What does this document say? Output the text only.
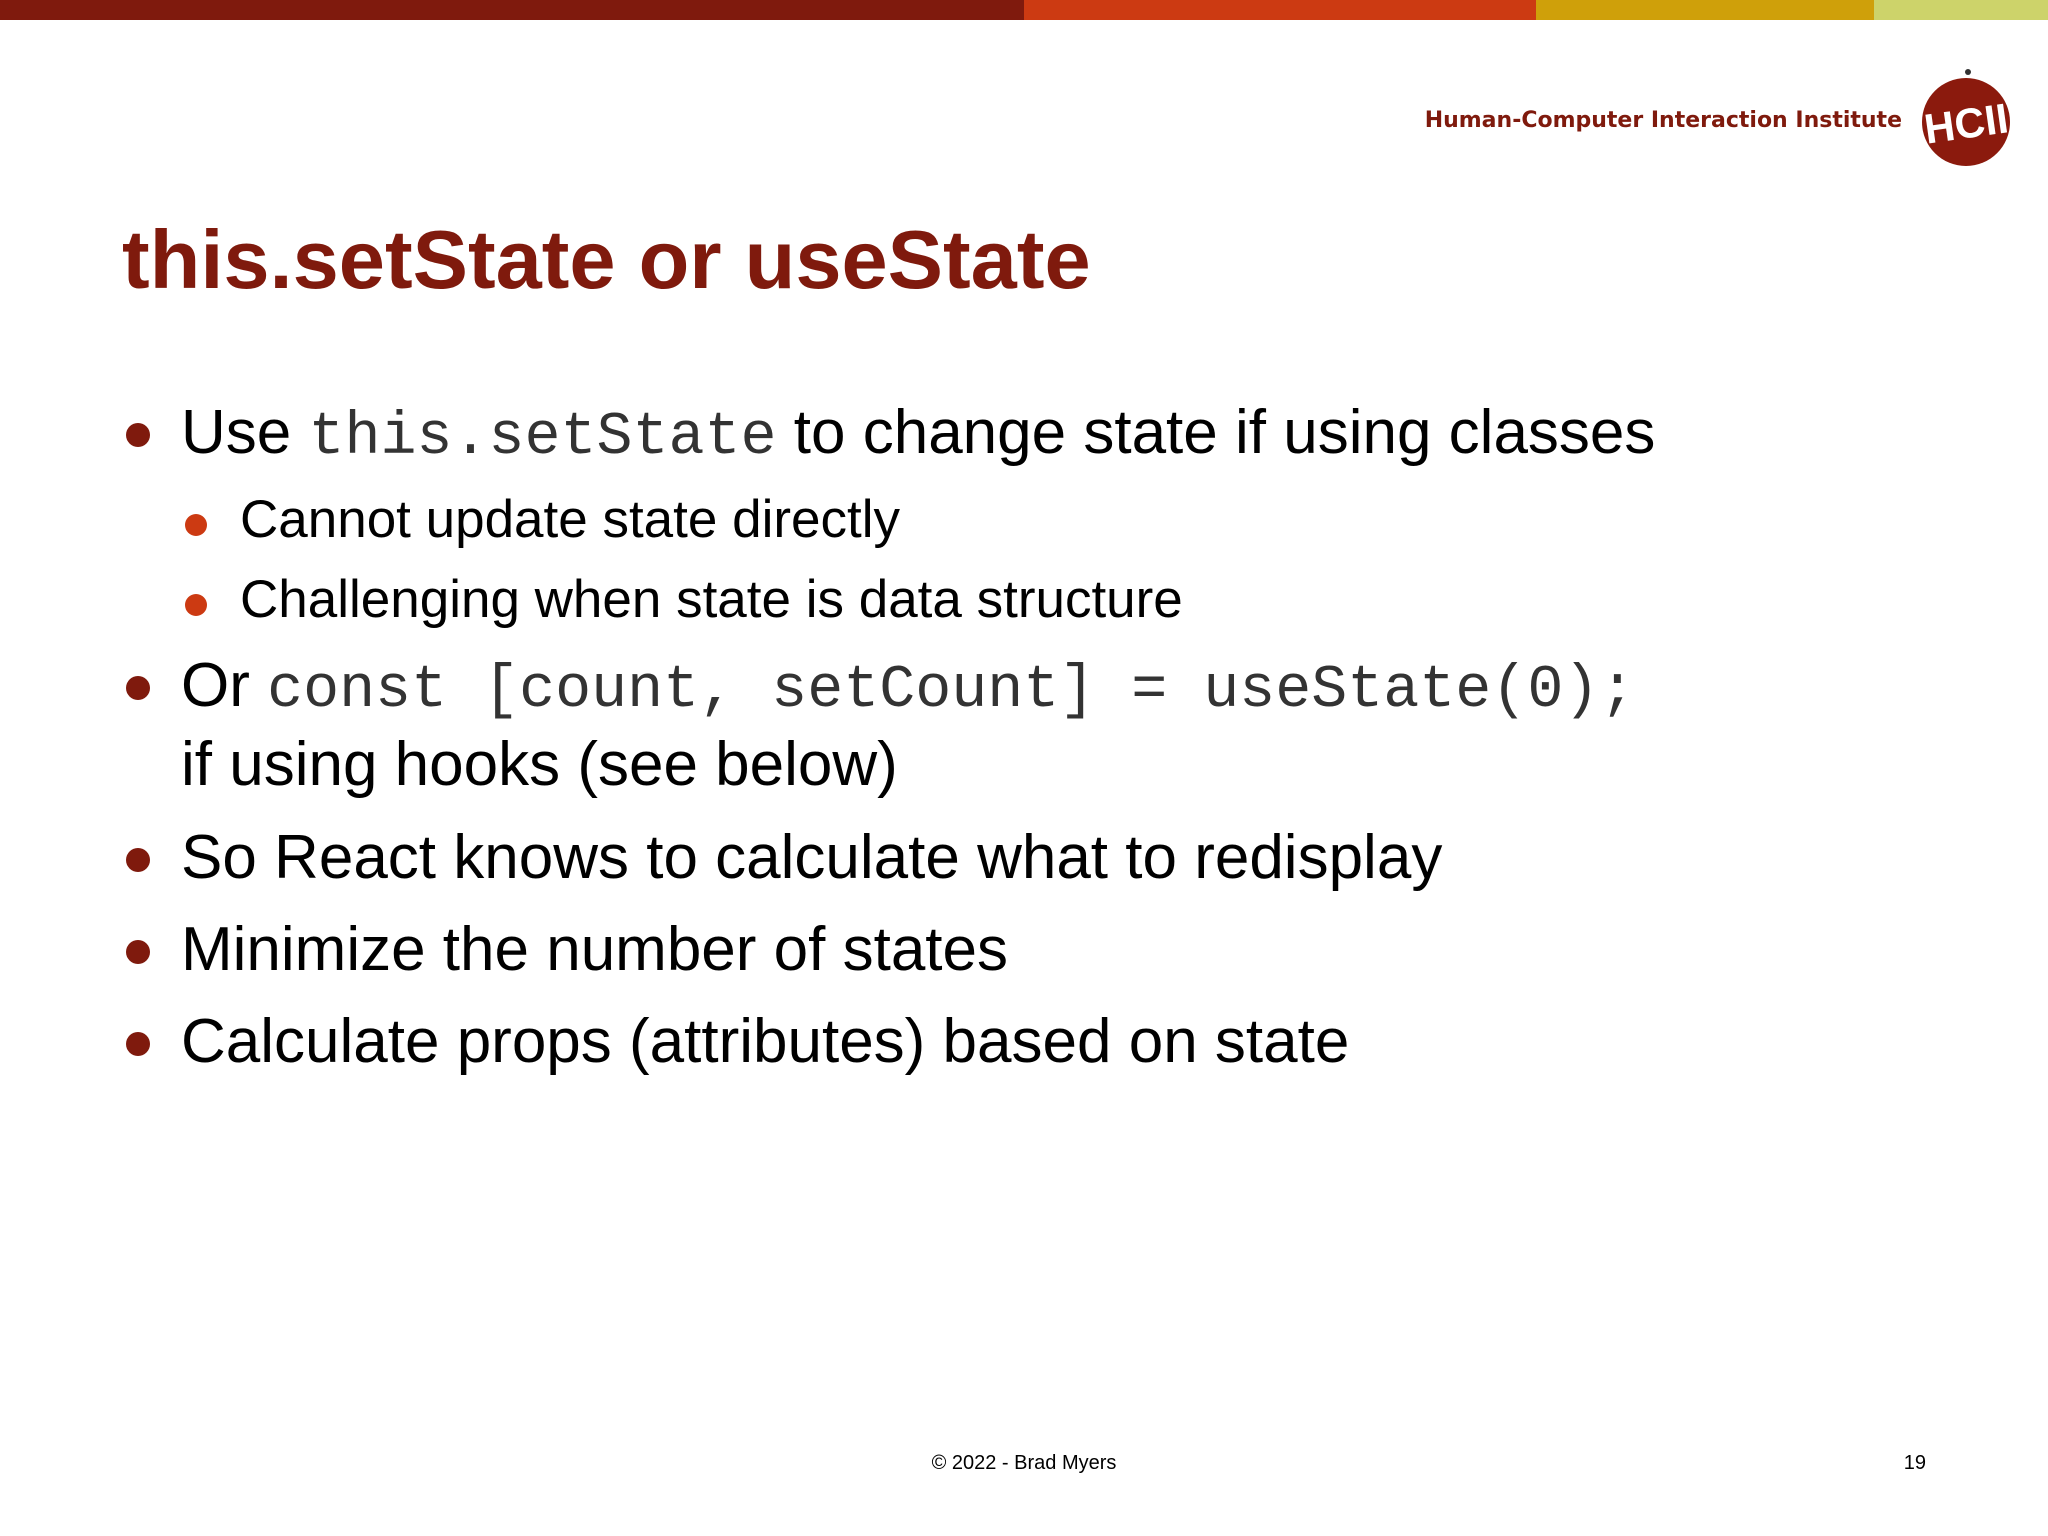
Human-Computer Interaction Institute HCII
this.setState or useState
Use this.setState to change state if using classes
Cannot update state directly
Challenging when state is data structure
Or const [count, setCount] = useState(0);
if using hooks (see below)
So React knows to calculate what to redisplay
Minimize the number of states
Calculate props (attributes) based on state
© 2022 - Brad Myers	19
